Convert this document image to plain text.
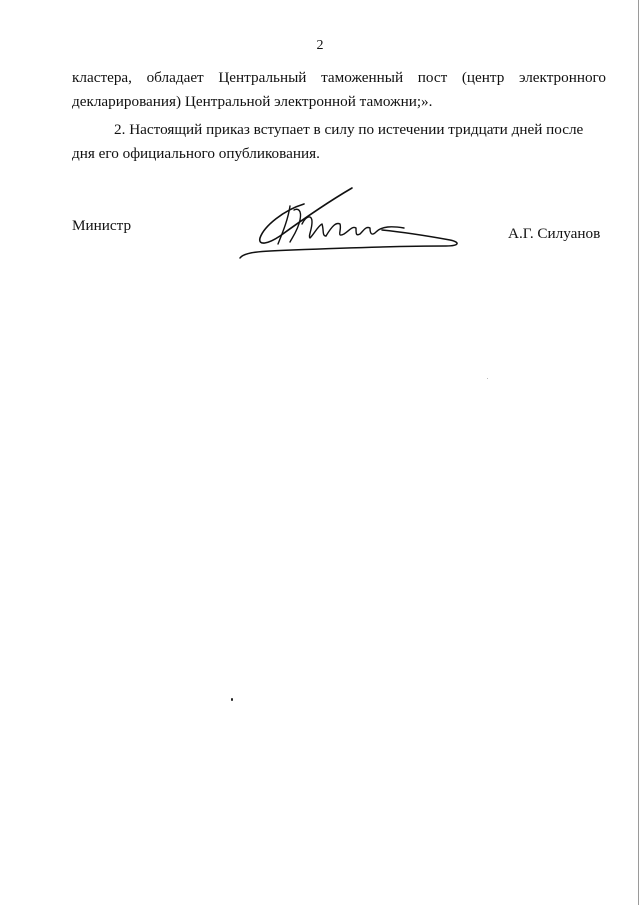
2

кластера, обладает Центральный таможенный пост (центр электронного декларирования) Центральной электронной таможни;».

2. Настоящий приказ вступает в силу по истечении тридцати дней после дня его официального опубликования.

Министр	А.Г. Силуанов
